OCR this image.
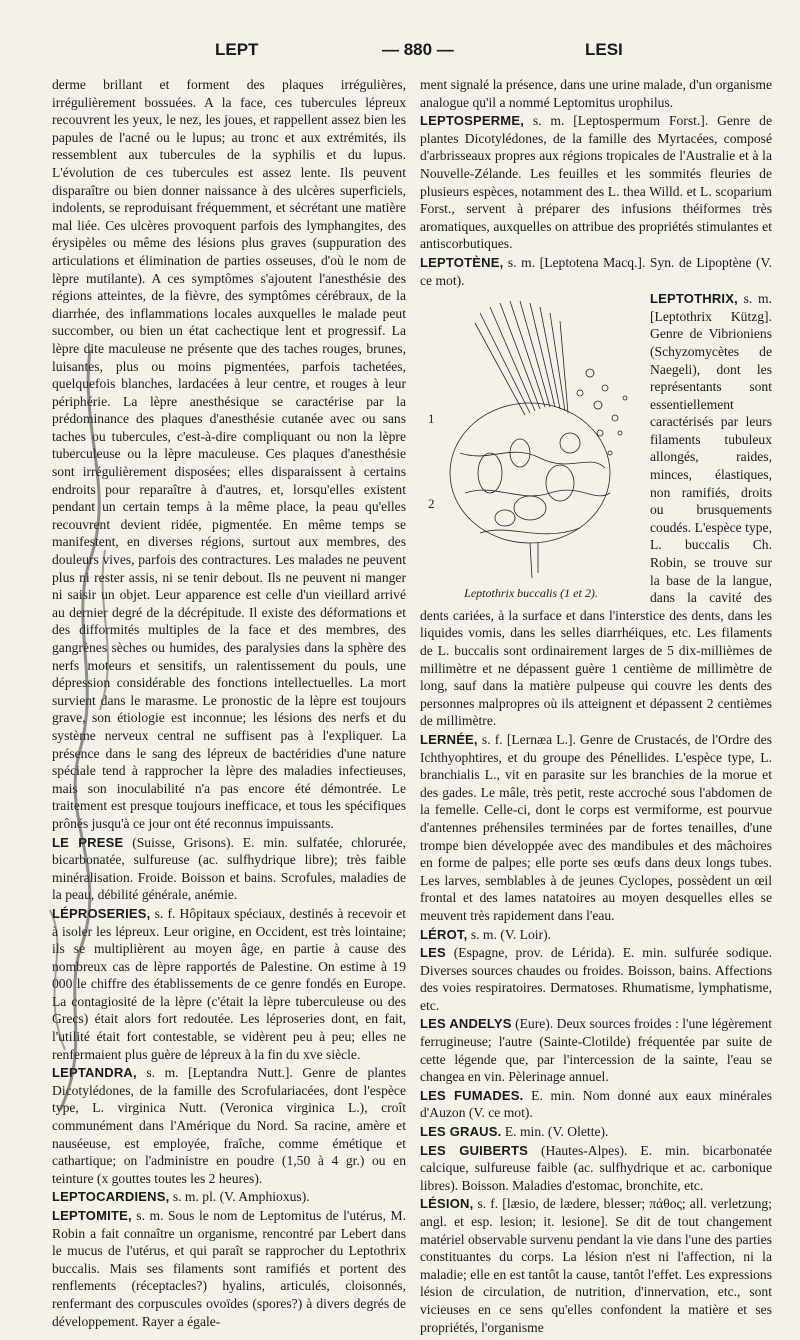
LEPT	— 880 —	LESI

derme brillant et forment des plaques irrégulières, irrégulièrement bossuées. A la face, ces tubercules lépreux recouvrent les yeux, le nez, les joues, et rappellent assez bien les papules de l'acné ou le lupus; au tronc et aux extrémités, ils ressemblent aux tubercules de la syphilis et du lupus. L'évolution de ces tubercules est assez lente. Ils peuvent disparaître ou bien donner naissance à des ulcères superficiels, indolents, se reproduisant fréquemment, et sécrétant une matière mal liée. Ces ulcères provoquent parfois des lymphangites, des érysipèles ou même des lésions plus graves (suppuration des articulations et élimination de parties osseuses, d'où le nom de lèpre mutilante). A ces symptômes s'ajoutent l'anesthésie des régions atteintes, de la fièvre, des symptômes cérébraux, de la diarrhée, des inflammations locales auxquelles le malade peut succomber, ou bien un état cachectique lent et progressif. La lèpre dite maculeuse ne présente que des taches rouges, brunes, luisantes, plus ou moins pigmentées, parfois tachetées, quelquefois blanches, lardacées à leur centre, et rouges à leur périphérie. La lèpre anesthésique se caractérise par la prédominance des plaques d'anesthésie cutanée avec ou sans taches ou tubercules, c'est-à-dire compliquant ou non la lèpre tuberculeuse ou la lèpre maculeuse. Ces plaques d'anesthésie sont irrégulièrement disposées; elles disparaissent à certains endroits pour reparaître à d'autres, et, lorsqu'elles existent pendant un certain temps à la même place, la peau qu'elles recouvrent devient ridée, pigmentée. En même temps se manifestent, en diverses régions, surtout aux membres, des douleurs vives, parfois des contractures. Les malades ne peuvent plus ni rester assis, ni se tenir debout. Ils ne peuvent ni manger ni saisir un objet. Leur apparence est celle d'un vieillard arrivé au dernier degré de la décrépitude. Il existe des déformations et des difformités multiples de la face et des membres, des gangrènes sèches ou humides, des paralysies dans la sphère des nerfs moteurs et sensitifs, un ralentissement du pouls, une dépression considérable des fonctions intellectuelles. La mort survient dans le marasme. Le pronostic de la lèpre est toujours grave, son étiologie est inconnue; les lésions des nerfs et du système nerveux central ne suffisent pas à l'expliquer. La présence dans le sang des lépreux de bactéridies d'une nature spéciale tend à rapprocher la lèpre des maladies infectieuses, mais son inoculabilité n'a pas encore été démontrée. Le traitement est presque toujours inefficace, et tous les spécifiques prônés jusqu'à ce jour ont été reconnus impuissants.

LE PRESE (Suisse, Grisons). E. min. sulfatée, chlorurée, bicarbonatée, sulfureuse (ac. sulfhydrique libre); très faible minéralisation. Froide. Boisson et bains. Scrofules, maladies de la peau, débilité générale, anémie.

LÉPROSERIES, s. f. Hôpitaux spéciaux, destinés à recevoir et à isoler les lépreux. Leur origine, en Occident, est très lointaine; ils se multiplièrent au moyen âge, en partie à cause des nombreux cas de lèpre rapportés de Palestine. On estime à 19 000 le chiffre des établissements de ce genre fondés en Europe. La contagiosité de la lèpre (c'était la lèpre tuberculeuse ou des Grecs) était alors fort redoutée. Les léproseries dont, en fait, l'utilité était fort contestable, se vidèrent peu à peu; elles ne renfermaient plus guère de lépreux à la fin du xve siècle.

LEPTANDRA, s. m. [Leptandra Nutt.]. Genre de plantes Dicotylédones, de la famille des Scrofulariacées, dont l'espèce type, L. virginica Nutt. (Veronica virginica L.), croît communément dans l'Amérique du Nord. Sa racine, amère et nauséeuse, est employée, fraîche, comme émétique et cathartique; on l'administre en poudre (1,50 à 4 gr.) ou en teinture (x gouttes toutes les 2 heures).

LEPTOCARDIENS, s. m. pl. (V. Amphioxus).

LEPTOMITE, s. m. Sous le nom de Leptomitus de l'utérus, M. Robin a fait connaître un organisme, rencontré par Lebert dans le mucus de l'utérus, et qui paraît se rapprocher du Leptothrix buccalis. Mais ses filaments sont ramifiés et portent des renflements (réceptacles?) hyalins, articulés, cloisonnés, renfermant des corpuscules ovoïdes (spores?) à divers degrés de développement. Rayer a égale-

ment signalé la présence, dans une urine malade, d'un organisme analogue qu'il a nommé Leptomitus urophilus.

LEPTOSPERME, s. m. [Leptospermum Forst.]. Genre de plantes Dicotylédones, de la famille des Myrtacées, composé d'arbrisseaux propres aux régions tropicales de l'Australie et à la Nouvelle-Zélande. Les feuilles et les sommités fleuries de plusieurs espèces, notamment des L. thea Willd. et L. scoparium Forst., servent à préparer des infusions théiformes très aromatiques, auxquelles on attribue des propriétés stimulantes et antiscorbutiques.

LEPTOTÈNE, s. m. [Leptotena Macq.]. Syn. de Lipoptène (V. ce mot).

1
2
Leptothrix buccalis (1 et 2).

LEPTOTHRIX, s. m. [Leptothrix Kützg]. Genre de Vibrioniens (Schyzomycètes de Naegeli), dont les représentants sont essentiellement caractérisés par leurs filaments tubuleux allongés, raides, minces, élastiques, non ramifiés, droits ou brusquements coudés. L'espèce type, L. buccalis Ch. Robin, se trouve sur la base de la langue, dans la cavité des dents cariées, à la surface et dans l'interstice des dents, dans les liquides vomis, dans les selles diarrhéiques, etc. Les filaments de L. buccalis sont ordinairement larges de 5 dix-millièmes de millimètre et ne dépassent guère 1 centième de millimètre de long, sauf dans la matière pulpeuse qui couvre les dents des personnes malpropres où ils atteignent et dépassent 2 centièmes de millimètre.

LERNÉE, s. f. [Lernæa L.]. Genre de Crustacés, de l'Ordre des Ichthyophtires, et du groupe des Pénellides. L'espèce type, L. branchialis L., vit en parasite sur les branchies de la morue et des gades. Le mâle, très petit, reste accroché sous l'abdomen de la femelle. Celle-ci, dont le corps est vermiforme, est pourvue d'antennes préhensiles terminées par de fortes tenailles, d'une trompe bien développée avec des mandibules et des mâchoires en forme de palpes; elle porte ses œufs dans deux longs tubes. Les larves, semblables à de jeunes Cyclopes, possèdent un œil frontal et des lames natatoires au moyen desquelles elles se meuvent très rapidement dans l'eau.

LÉROT, s. m. (V. Loir).

LES (Espagne, prov. de Lérida). E. min. sulfurée sodique. Diverses sources chaudes ou froides. Boisson, bains. Affections des voies respiratoires. Dermatoses. Rhumatisme, lymphatisme, etc.

LES ANDELYS (Eure). Deux sources froides : l'une légèrement ferrugineuse; l'autre (Sainte-Clotilde) fréquentée par suite de cette légende que, par l'intercession de la sainte, l'eau se changea en vin. Pèlerinage annuel.

LES FUMADES. E. min. Nom donné aux eaux minérales d'Auzon (V. ce mot).

LES GRAUS. E. min. (V. Olette).

LES GUIBERTS (Hautes-Alpes). E. min. bicarbonatée calcique, sulfureuse faible (ac. sulfhydrique et ac. carbonique libres). Boisson. Maladies d'estomac, bronchite, etc.

LÉSION, s. f. [læsio, de lædere, blesser; πάθος; all. verletzung; angl. et esp. lesion; it. lesione]. Se dit de tout changement matériel observable survenu pendant la vie dans l'une des parties constituantes du corps. La lésion n'est ni l'affection, ni la maladie; elle en est tantôt la cause, tantôt l'effet. Les expressions lésion de circulation, de nutrition, d'innervation, etc., sont vicieuses en ce sens qu'elles confondent la matière et ses propriétés, l'organisme
